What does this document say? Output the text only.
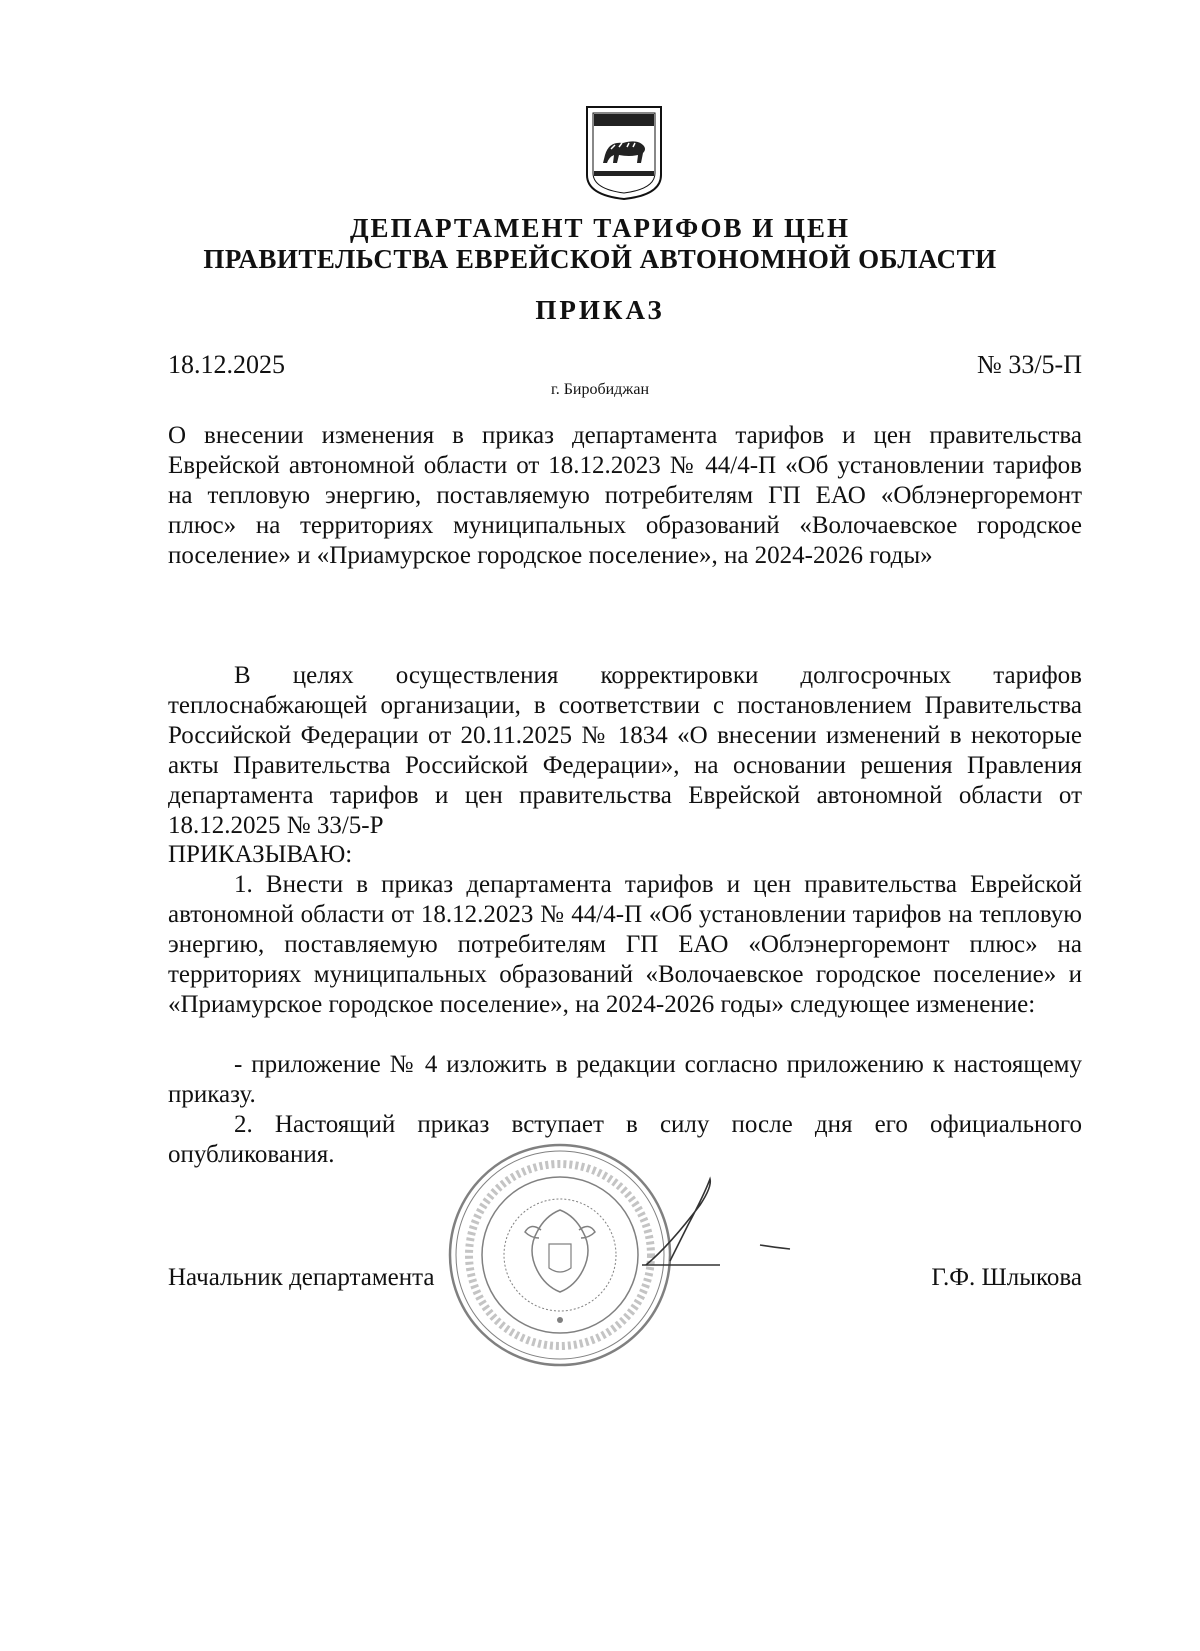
ДЕПАРТАМЕНТ ТАРИФОВ И ЦЕН
ПРАВИТЕЛЬСТВА ЕВРЕЙСКОЙ АВТОНОМНОЙ ОБЛАСТИ
ПРИКАЗ
18.12.2025	№ 33/5-П
г. Биробиджан
О внесении изменения в приказ департамента тарифов и цен правительства Еврейской автономной области от 18.12.2023 № 44/4-П «Об установлении тарифов на тепловую энергию, поставляемую потребителям ГП ЕАО «Облэнергоремонт плюс» на территориях муниципальных образований «Волочаевское городское поселение» и «Приамурское городское поселение», на 2024-2026 годы»
В целях осуществления корректировки долгосрочных тарифов теплоснабжающей организации, в соответствии с постановлением Правительства Российской Федерации от 20.11.2025 № 1834 «О внесении изменений в некоторые акты Правительства Российской Федерации», на основании решения Правления департамента тарифов и цен правительства Еврейской автономной области от 18.12.2025 № 33/5-Р
ПРИКАЗЫВАЮ:
1. Внести в приказ департамента тарифов и цен правительства Еврейской автономной области от 18.12.2023 № 44/4-П «Об установлении тарифов на тепловую энергию, поставляемую потребителям ГП ЕАО «Облэнергоремонт плюс» на территориях муниципальных образований «Волочаевское городское поселение» и «Приамурское городское поселение», на 2024-2026 годы» следующее изменение:
- приложение № 4 изложить в редакции согласно приложению к настоящему приказу.
2. Настоящий приказ вступает в силу после дня его официального опубликования.
Начальник департамента	Г.Ф. Шлыкова
